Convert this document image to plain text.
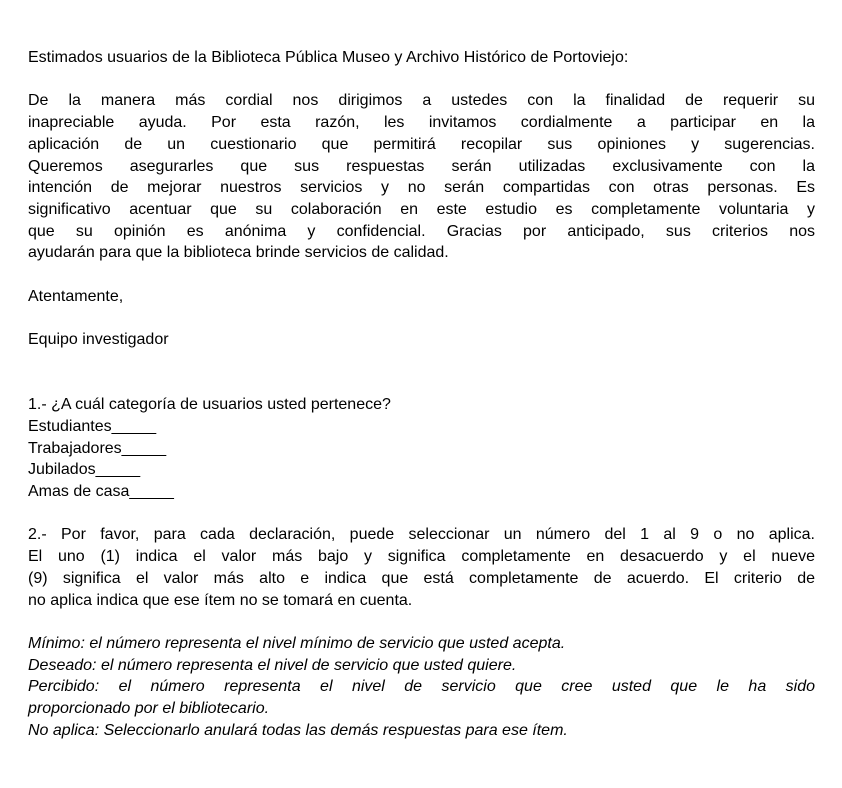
Estimados usuarios de la Biblioteca Pública Museo y Archivo Histórico de Portoviejo:
De la manera más cordial nos dirigimos a ustedes con la finalidad de requerir su
inapreciable ayuda. Por esta razón, les invitamos cordialmente a participar en la
aplicación de un cuestionario que permitirá recopilar sus opiniones y sugerencias.
Queremos asegurarles que sus respuestas serán utilizadas exclusivamente con la
intención de mejorar nuestros servicios y no serán compartidas con otras personas. Es
significativo acentuar que su colaboración en este estudio es completamente voluntaria y
que su opinión es anónima y confidencial. Gracias por anticipado, sus criterios nos
ayudarán para que la biblioteca brinde servicios de calidad.
Atentamente,
Equipo investigador
1.- ¿A cuál categoría de usuarios usted pertenece?
Estudiantes_____
Trabajadores_____
Jubilados_____
Amas de casa_____
2.- Por favor, para cada declaración, puede seleccionar un número del 1 al 9 o no aplica.
El uno (1) indica el valor más bajo y significa completamente en desacuerdo y el nueve
(9) significa el valor más alto e indica que está completamente de acuerdo. El criterio de
no aplica indica que ese ítem no se tomará en cuenta.
Mínimo: el número representa el nivel mínimo de servicio que usted acepta.
Deseado: el número representa el nivel de servicio que usted quiere.
Percibido: el número representa el nivel de servicio que cree usted que le ha sido
proporcionado por el bibliotecario.
No aplica: Seleccionarlo anulará todas las demás respuestas para ese ítem.
